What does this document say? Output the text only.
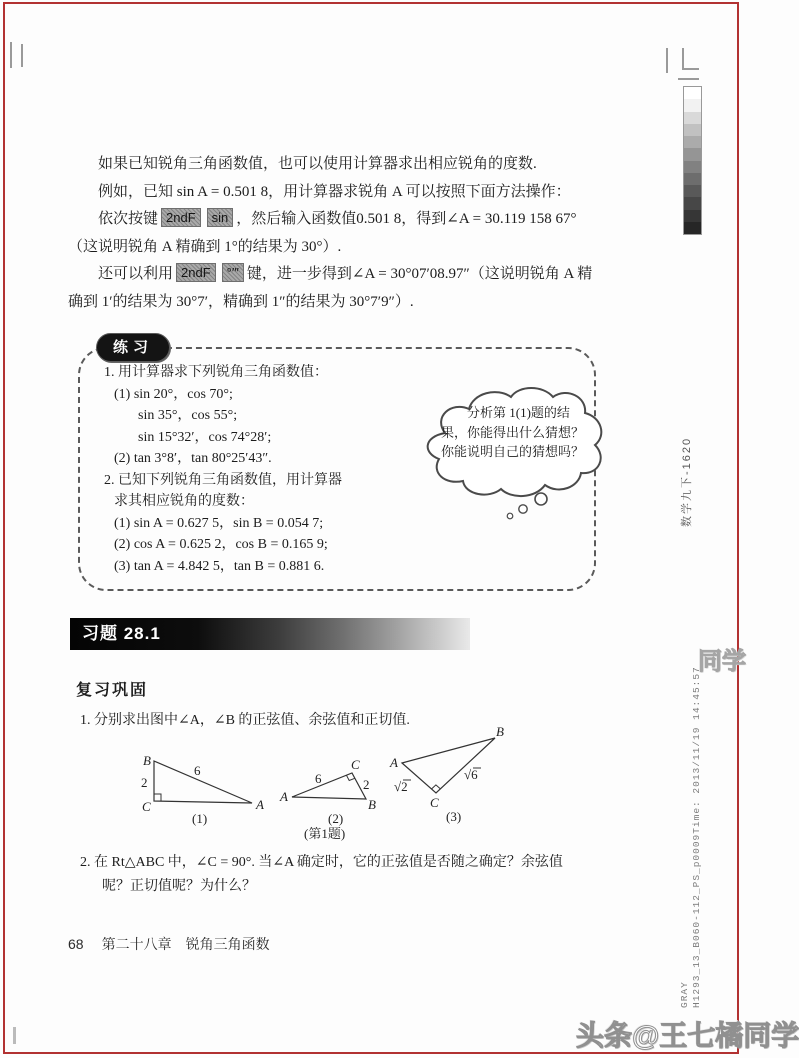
如果已知锐角三角函数值，也可以使用计算器求出相应锐角的度数.

例如，已知 sin A = 0.501 8，用计算器求锐角 A 可以按照下面方法操作：

依次按键 2ndF sin ，然后输入函数值0.501 8，得到∠A = 30.119 158 67°（这说明锐角 A 精确到 1°的结果为 30°）.

还可以利用 2ndF °′″ 键，进一步得到∠A = 30°07′08.97″（这说明锐角 A 精确到 1′的结果为 30°7′，精确到 1″的结果为 30°7′9″）.

练习
1. 用计算器求下列锐角三角函数值：
(1) sin 20°，cos 70°;
sin 35°，cos 55°;
sin 15°32′，cos 74°28′;
(2) tan 3°8′，tan 80°25′43″.
2. 已知下列锐角三角函数值，用计算器
求其相应锐角的度数：
(1) sin A = 0.627 5，sin B = 0.054 7;
(2) cos A = 0.625 2，cos B = 0.165 9;
(3) tan A = 4.842 5，tan B = 0.881 6.
分析第 1(1)题的结果，你能得出什么猜想？你能说明自己的猜想吗？
习题 28.1
复习巩固
1. 分别求出图中∠A，∠B 的正弦值、余弦值和正切值.
B
2
C	A
6
(1)
A
C
B
6	2
(2)
(第1题)
A
B
C
√2
√6
(3)
2. 在 Rt△ABC 中，∠C = 90°. 当∠A 确定时，它的正弦值是否随之确定？余弦值
呢？正切值呢？为什么？
68 第二十八章　锐角三角函数
数学九下-1620
H1293_13_B060-112_PS_p0009Time: 2013/11/19 14:45:57
GRAY
同学
头条@王七橘同学
